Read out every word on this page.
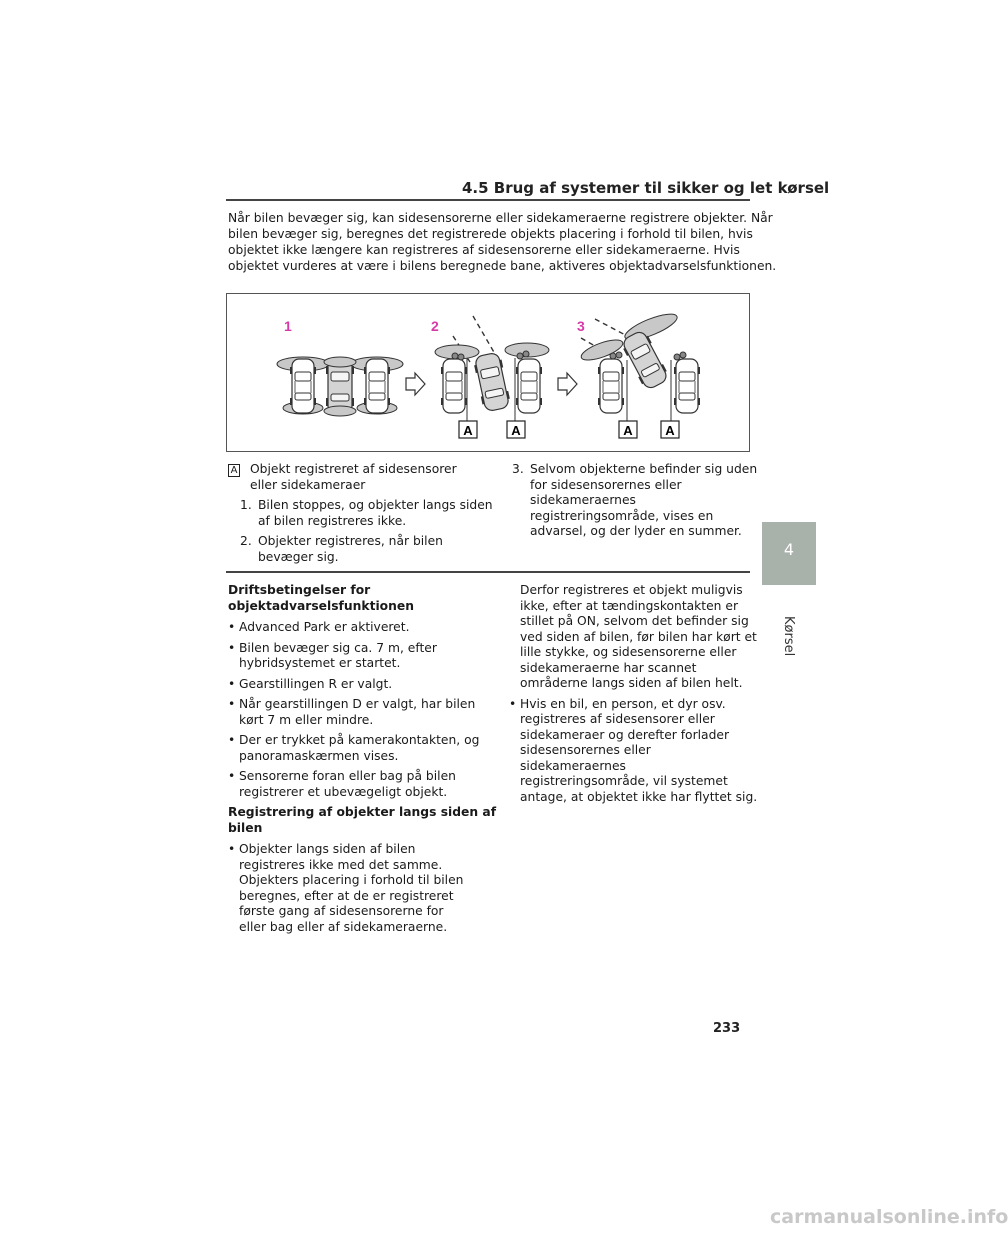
4.5 Brug af systemer til sikker og let kørsel

Når bilen bevæger sig, kan sidesensorerne eller sidekameraerne registrere objekter. Når
bilen bevæger sig, beregnes det registrerede objekts placering i forhold til bilen, hvis
objektet ikke længere kan registreres af sidesensorerne eller sidekameraerne. Hvis
objektet vurderes at være i bilens beregnede bane, aktiveres objektadvarselsfunktionen.

1	2	3
A	A	A	A
A Objekt registreret af sidesensorer
eller sidekameraer
1. Bilen stoppes, og objekter langs siden
af bilen registreres ikke.
2. Objekter registreres, når bilen
bevæger sig.
3. Selvom objekterne befinder sig uden
for sidesensorernes eller
sidekameraernes
registreringsområde, vises en
advarsel, og der lyder en summer.
Driftsbetingelser for
objektadvarselsfunktionen
• Advanced Park er aktiveret.
• Bilen bevæger sig ca. 7 m, efter
hybridsystemet er startet.
• Gearstillingen R er valgt.
• Når gearstillingen D er valgt, har bilen
kørt 7 m eller mindre.
• Der er trykket på kamerakontakten, og
panoramaskærmen vises.
• Sensorerne foran eller bag på bilen
registrerer et ubevægeligt objekt.
Registrering af objekter langs siden af
bilen
• Objekter langs siden af bilen
registreres ikke med det samme.
Objekters placering i forhold til bilen
beregnes, efter at de er registreret
første gang af sidesensorerne for
eller bag eller af sidekameraerne.
Derfor registreres et objekt muligvis
ikke, efter at tændingskontakten er
stillet på ON, selvom det befinder sig
ved siden af bilen, før bilen har kørt et
lille stykke, og sidesensorerne eller
sidekameraerne har scannet
områderne langs siden af bilen helt.
• Hvis en bil, en person, et dyr osv.
registreres af sidesensorer eller
sidekameraer og derefter forlader
sidesensorernes eller
sidekameraernes
registreringsområde, vil systemet
antage, at objektet ikke har flyttet sig.
4
Kørsel
233
carmanualsonline.info
